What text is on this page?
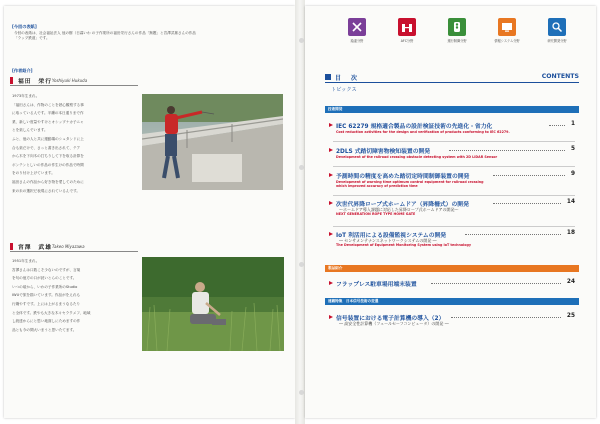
[今回の表紙]
今回の表紙は、社会福祉法人 他の樹（日暮いわ の子作業所の福田栄行さんの作品「無題」と宮澤武雄さんの作品
「ラップ鉄道」です。
[作者紹介]
福田　栄行 Yoshiyuki Hukuda

1973年生まれ。

「福田さんは、作物のことを熟心観察する事

に取っている人です。半纏の本日通りまで作

業、新しい度量やすけとオシップナカ子ニャ

とを楽しんでいます。

ふと、他の人と共に運動場のシュタンドに上

合も楽だけで、さっと書き出されて、テア

から木を下向木の打ちりして下を取る計算を

ボンテンとしいの作品の作生けの作品で時間

をのり付け上げています。

福田さんの作品から好き物を愛してのために

来の未の選択だ表現にされているんです。

宮澤　武雄 Takeo Miyazawa

1951年生まれ。

宮澤さんは口数こそ少ないのですが、言葉

を句の他方の口が読いとらのことです。

いつの頃から、いわの子作業所のStudio

IWUで旅を描いています。作品がをえれも

行嬌やすです。上には上がるまうなるたり

と全体です。鉄やも大きな木々セラクメフ、地域

し続達からにと思い地面しにためますの作

品とも今の間大いまうと思いたてます。

踏違分野	AFC分野	運行制御分野	情報システム分野	研究開発分野
目　次	CONTENTS
トピックス
技術開発
IEC 62279 規格適合製品の設計検証技術の先進化・省力化	1
Cost reduction activities for the design and verification of products conforming to IEC 62279.
2DLS 式踏切障害物検知装置の開発	5
Development of the railroad crossing obstacle detecting system with 2D LiDAR Sensor
予測時間の精度を高めた踏切定時間制御装置の開発	9
Development of warning time optimum control equipment for railroad crossing
which improved accuracy of prediction time
次世代昇降ロープ式ホームドア（昇降柵式）の開発	14
～ホームドア導入課題に対応した昇降ロープ式ホームドアの開発～
NEXT GENERATION ROPE TYPE HOME GATE
IoT 利活用による設備監視システムの開発	18
― センサメンテナンスネットワークシステムの開発 ―
The Development of Equipment Monitoring System using IoT technology
製品紹介
フラップレス駐車場用端末装置	24
連載特集　日本信号技術の変遷
信号装置における電子計算機の導入（2）	25
― 高安全性計算機（フェールセーフコンピュータ）の開発 ―
